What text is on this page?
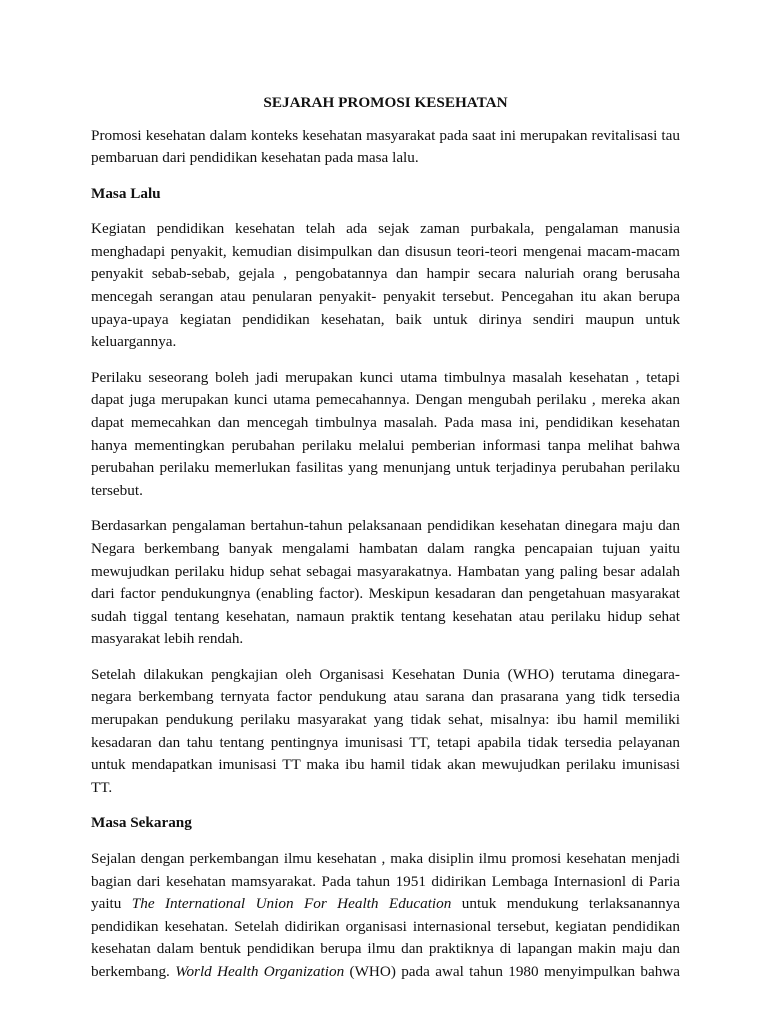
SEJARAH PROMOSI KESEHATAN

Promosi kesehatan dalam konteks kesehatan masyarakat pada saat ini merupakan revitalisasi tau pembaruan dari pendidikan kesehatan pada masa lalu.

Masa Lalu

Kegiatan pendidikan kesehatan telah ada sejak zaman purbakala, pengalaman manusia menghadapi penyakit, kemudian disimpulkan dan disusun teori-teori mengenai macam-macam penyakit sebab-sebab, gejala , pengobatannya dan hampir secara naluriah orang berusaha mencegah serangan atau penularan penyakit- penyakit tersebut. Pencegahan itu akan berupa upaya-upaya kegiatan pendidikan kesehatan, baik untuk dirinya sendiri maupun untuk keluargannya.

Perilaku seseorang boleh jadi merupakan kunci utama timbulnya masalah kesehatan , tetapi dapat juga merupakan kunci utama pemecahannya. Dengan mengubah perilaku , mereka akan dapat memecahkan dan mencegah timbulnya masalah. Pada masa ini, pendidikan kesehatan hanya mementingkan perubahan perilaku melalui pemberian informasi tanpa melihat bahwa perubahan perilaku memerlukan fasilitas yang menunjang untuk terjadinya perubahan perilaku tersebut.

Berdasarkan pengalaman bertahun-tahun pelaksanaan pendidikan kesehatan dinegara maju dan Negara berkembang banyak mengalami hambatan dalam rangka pencapaian tujuan yaitu mewujudkan perilaku hidup sehat sebagai masyarakatnya. Hambatan yang paling besar adalah dari factor pendukungnya (enabling factor). Meskipun kesadaran dan pengetahuan masyarakat sudah tiggal tentang kesehatan, namaun praktik tentang kesehatan atau perilaku hidup sehat masyarakat lebih rendah.

Setelah dilakukan pengkajian oleh Organisasi Kesehatan Dunia (WHO) terutama dinegara-negara berkembang ternyata factor pendukung atau sarana dan prasarana yang tidk tersedia merupakan pendukung perilaku masyarakat yang tidak sehat, misalnya: ibu hamil memiliki kesadaran dan tahu tentang pentingnya imunisasi TT, tetapi apabila tidak tersedia pelayanan untuk mendapatkan imunisasi TT maka ibu hamil tidak akan mewujudkan perilaku imunisasi TT.

Masa Sekarang

Sejalan dengan perkembangan ilmu kesehatan , maka disiplin ilmu promosi kesehatan menjadi bagian dari kesehatan mamsyarakat. Pada tahun 1951 didirikan Lembaga Internasionl di Paria yaitu The International Union For Health Education untuk mendukung terlaksanannya pendidikan kesehatan. Setelah didirikan organisasi internasional tersebut, kegiatan pendidikan kesehatan dalam bentuk pendidikan berupa ilmu dan praktiknya di lapangan makin maju dan berkembang. World Health Organization (WHO) pada awal tahun 1980 menyimpulkan bahwa
